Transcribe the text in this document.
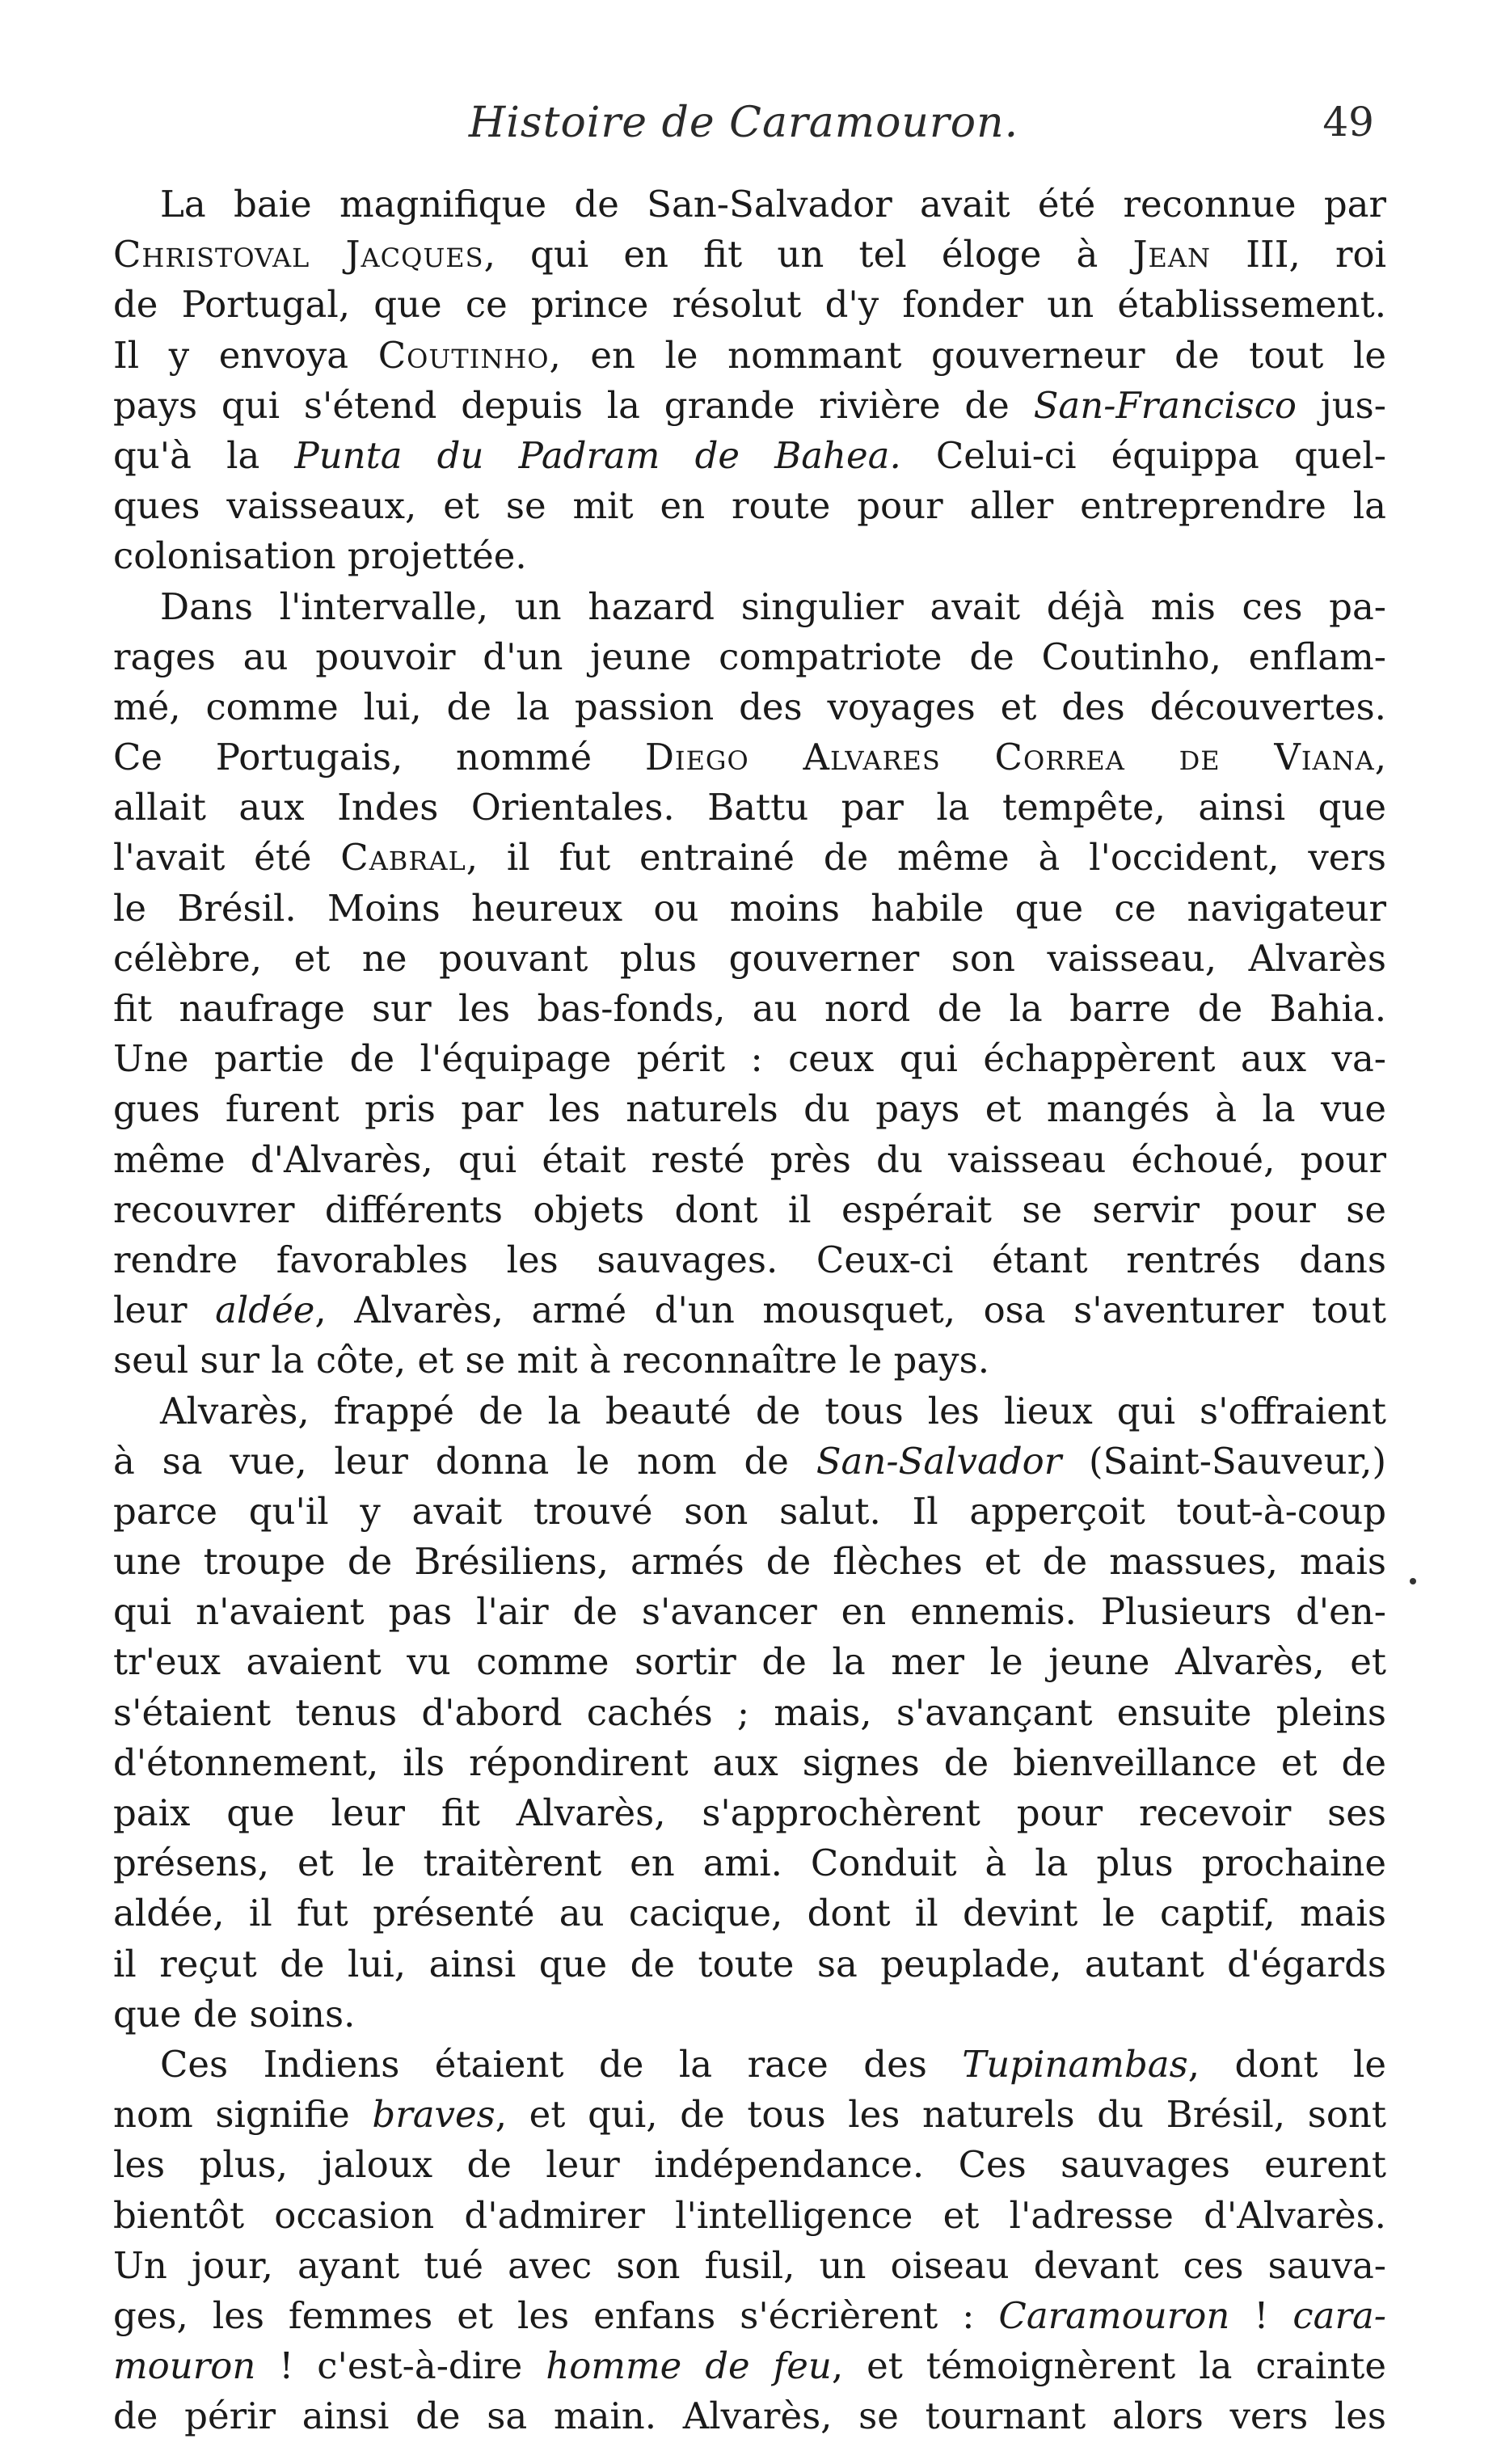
Histoire de Caramouron.	49
La baie magnifique de San-Salvador avait été reconnue par
Christoval Jacques, qui en fit un tel éloge à Jean III, roi
de Portugal, que ce prince résolut d'y fonder un établissement.
Il y envoya Coutinho, en le nommant gouverneur de tout le
pays qui s'étend depuis la grande rivière de San-Francisco jus-
qu'à la Punta du Padram de Bahea. Celui-ci équippa quel-
ques vaisseaux, et se mit en route pour aller entreprendre la
colonisation projettée.
Dans l'intervalle, un hazard singulier avait déjà mis ces pa-
rages au pouvoir d'un jeune compatriote de Coutinho, enflam-
mé, comme lui, de la passion des voyages et des découvertes.
Ce Portugais, nommé Diego Alvares Correa de Viana,
allait aux Indes Orientales. Battu par la tempête, ainsi que
l'avait été Cabral, il fut entrainé de même à l'occident, vers
le Brésil. Moins heureux ou moins habile que ce navigateur
célèbre, et ne pouvant plus gouverner son vaisseau, Alvarès
fit naufrage sur les bas-fonds, au nord de la barre de Bahia.
Une partie de l'équipage périt : ceux qui échappèrent aux va-
gues furent pris par les naturels du pays et mangés à la vue
même d'Alvarès, qui était resté près du vaisseau échoué, pour
recouvrer différents objets dont il espérait se servir pour se
rendre favorables les sauvages. Ceux-ci étant rentrés dans
leur aldée, Alvarès, armé d'un mousquet, osa s'aventurer tout
seul sur la côte, et se mit à reconnaître le pays.
Alvarès, frappé de la beauté de tous les lieux qui s'offraient
à sa vue, leur donna le nom de San-Salvador (Saint-Sauveur,)
parce qu'il y avait trouvé son salut. Il apperçoit tout-à-coup
une troupe de Brésiliens, armés de flèches et de massues, mais
qui n'avaient pas l'air de s'avancer en ennemis. Plusieurs d'en-
tr'eux avaient vu comme sortir de la mer le jeune Alvarès, et
s'étaient tenus d'abord cachés ; mais, s'avançant ensuite pleins
d'étonnement, ils répondirent aux signes de bienveillance et de
paix que leur fit Alvarès, s'approchèrent pour recevoir ses
présens, et le traitèrent en ami. Conduit à la plus prochaine
aldée, il fut présenté au cacique, dont il devint le captif, mais
il reçut de lui, ainsi que de toute sa peuplade, autant d'égards
que de soins.
Ces Indiens étaient de la race des Tupinambas, dont le
nom signifie braves, et qui, de tous les naturels du Brésil, sont
les plus, jaloux de leur indépendance. Ces sauvages eurent
bientôt occasion d'admirer l'intelligence et l'adresse d'Alvarès.
Un jour, ayant tué avec son fusil, un oiseau devant ces sauva-
ges, les femmes et les enfans s'écrièrent : Caramouron ! cara-
mouron ! c'est-à-dire homme de feu, et témoignèrent la crainte
de périr ainsi de sa main. Alvarès, se tournant alors vers les
